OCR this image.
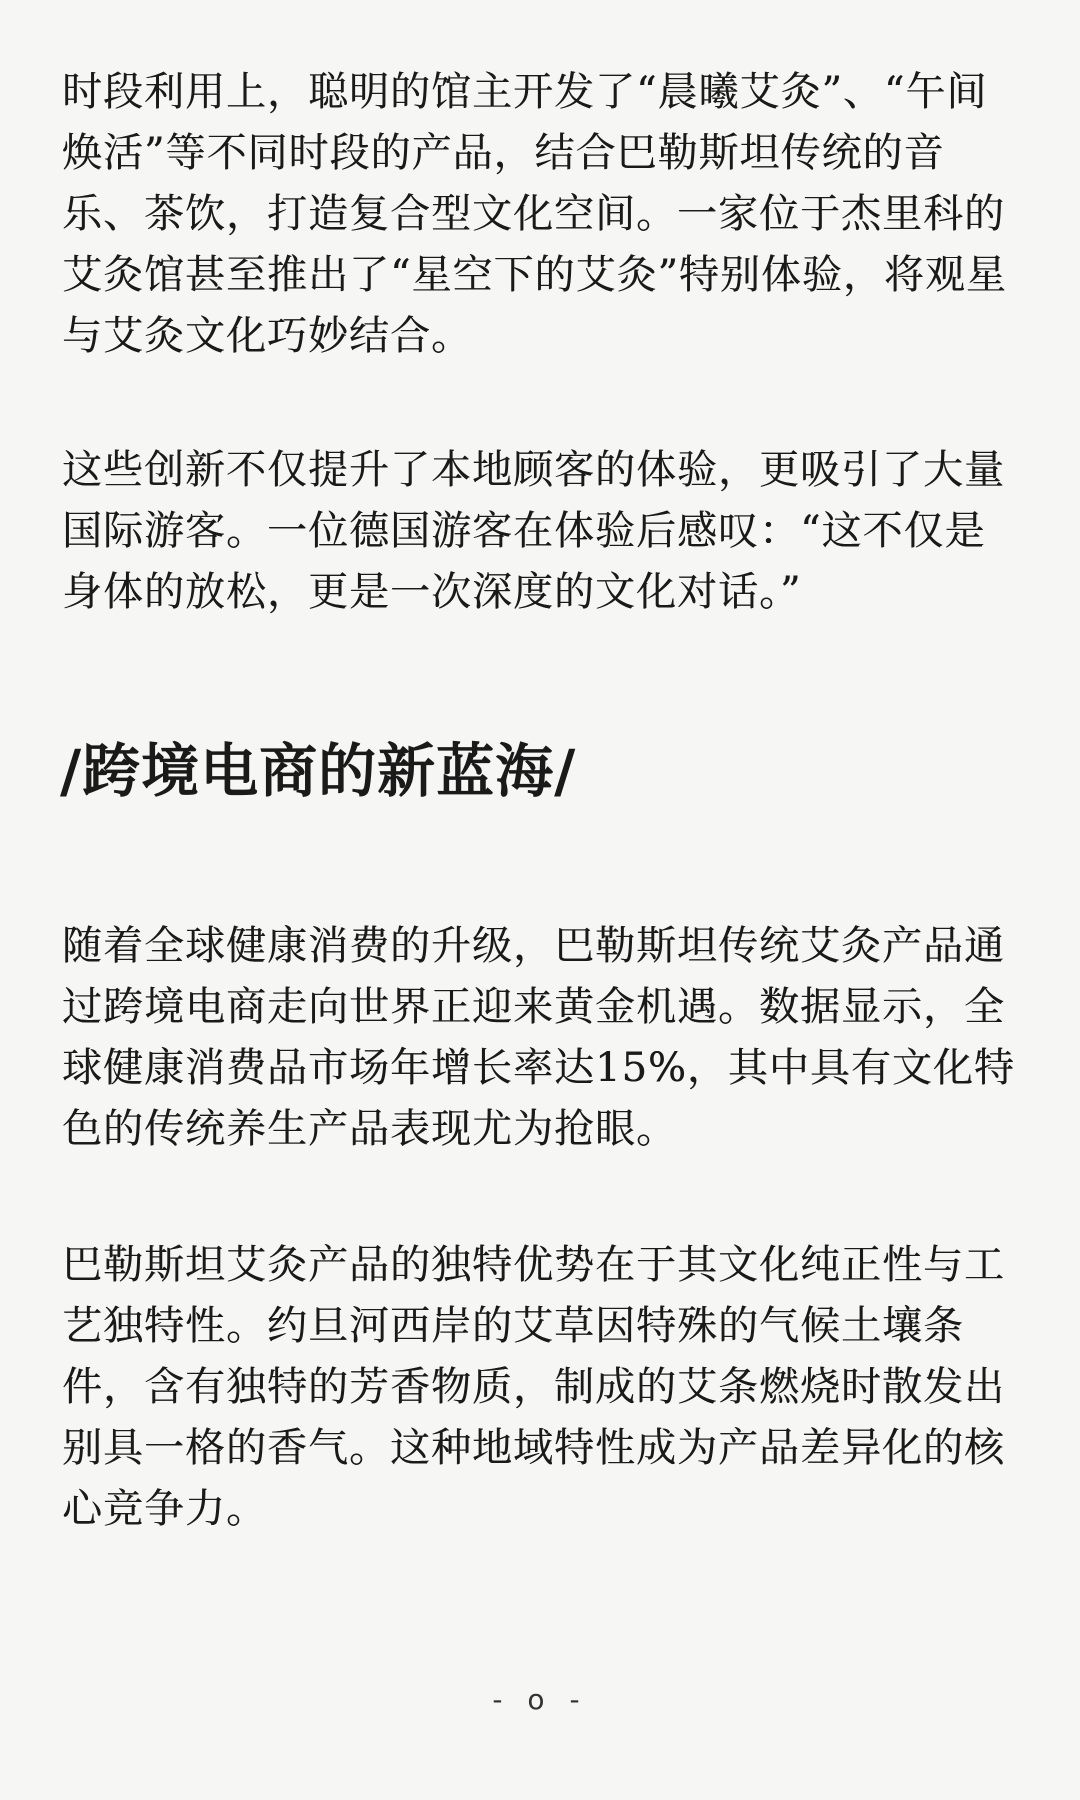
时段利用上，聪明的馆主开发了“晨曦艾灸”、“午间焕活”等不同时段的产品，结合巴勒斯坦传统的音乐、茶饮，打造复合型文化空间。一家位于杰里科的艾灸馆甚至推出了“星空下的艾灸”特别体验，将观星与艾灸文化巧妙结合。

这些创新不仅提升了本地顾客的体验，更吸引了大量国际游客。一位德国游客在体验后感叹：“这不仅是身体的放松，更是一次深度的文化对话。”

/跨境电商的新蓝海/

随着全球健康消费的升级，巴勒斯坦传统艾灸产品通过跨境电商走向世界正迎来黄金机遇。数据显示，全球健康消费品市场年增长率达15%，其中具有文化特色的传统养生产品表现尤为抢眼。

巴勒斯坦艾灸产品的独特优势在于其文化纯正性与工艺独特性。约旦河西岸的艾草因特殊的气候土壤条件，含有独特的芳香物质，制成的艾条燃烧时散发出别具一格的香气。这种地域特性成为产品差异化的核心竞争力。

- o -
